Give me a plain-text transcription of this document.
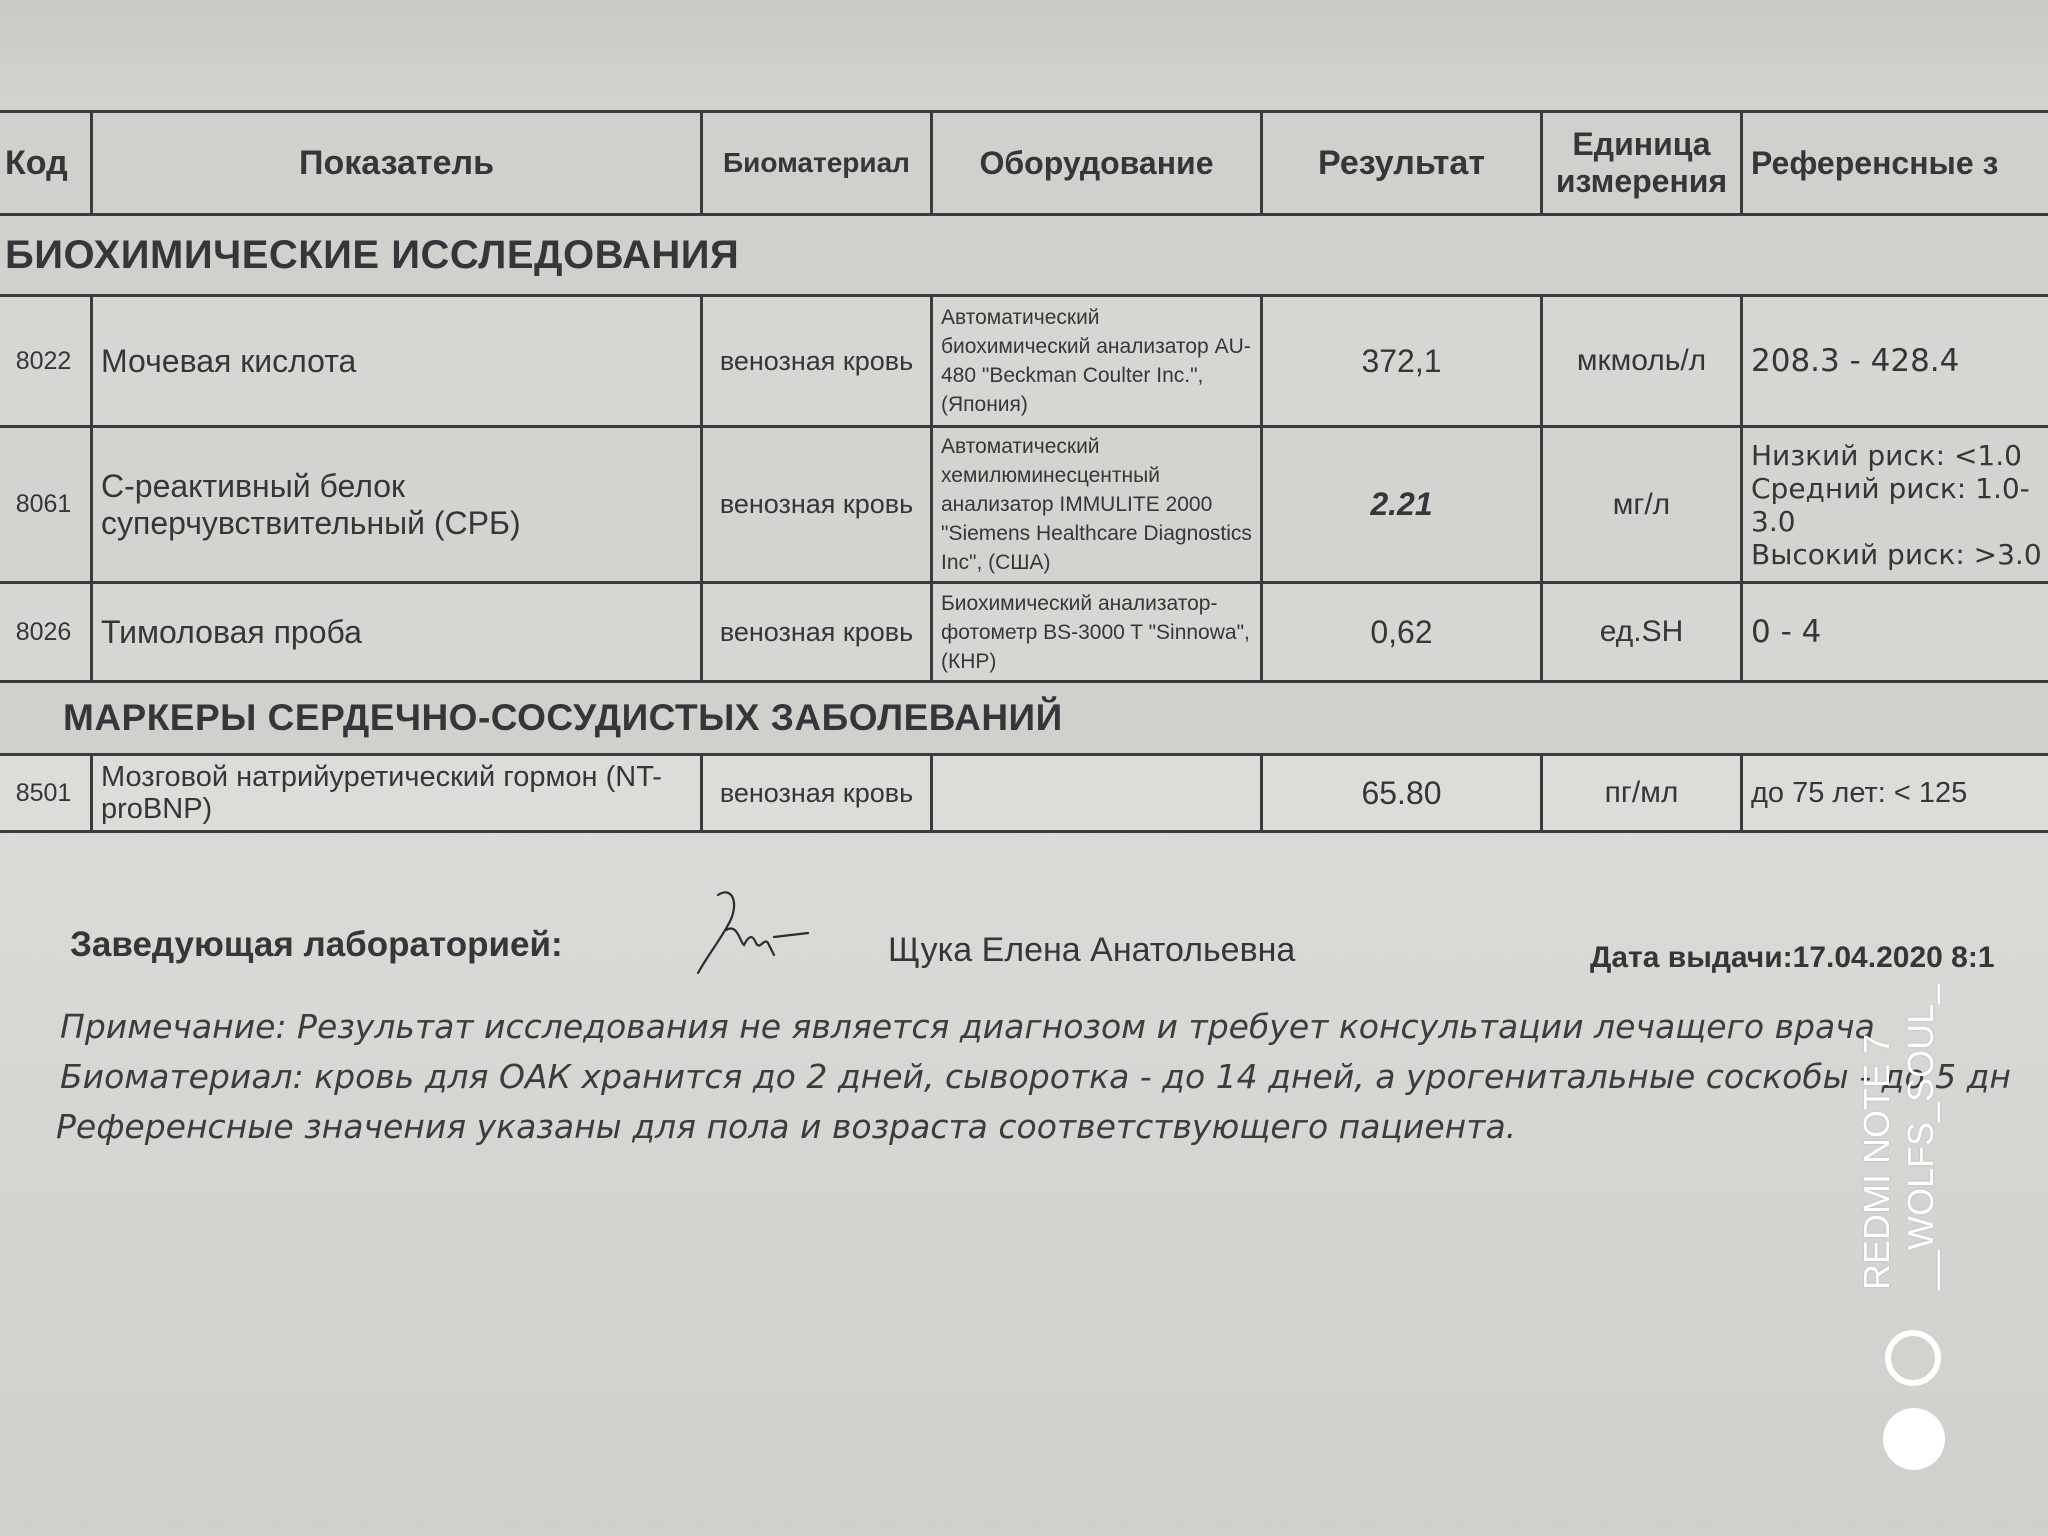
Код	Показатель	Биоматериал	Оборудование	Результат	Единица измерения	Референсные з
БИОХИМИЧЕСКИЕ ИССЛЕДОВАНИЯ						
8022	Мочевая кислота	венозная кровь	Автоматический биохимический анализатор AU- 480 "Beckman Coulter Inc.", (Япония)	372,1	мкмоль/л	208.3 - 428.4

8061	С-реактивный белок суперчувствительный (СРБ)	венозная кровь	Автоматический хемилюминесцентный анализатор IMMULITE 2000 "Siemens Healthcare Diagnostics Inc", (США)	2.21	мг/л	Низкий риск: <1.0
Средний риск: 1.0-3.0
Высокий риск: >3.0

8026	Тимоловая проба	венозная кровь	Биохимический анализатор-фотометр BS-3000 T "Sinnowa", (КНР)	0,62	ед.SH	0 - 4

МАРКЕРЫ СЕРДЕЧНО-СОСУДИСТЫХ ЗАБОЛЕВАНИЙ						
8501	Мозговой натрийуретический гормон (NT-proBNP)	венозная кровь		65.80	пг/мл	до 75 лет: < 125
Заведующая лабораторией:	Щука Елена Анатольевна	Дата выдачи:17.04.2020 8:1
Примечание: Результат исследования не является диагнозом и требует консультации лечащего врача
Биоматериал: кровь для ОАК хранится до 2 дней, сыворотка - до 14 дней, а урогенитальные соскобы - до 5 дн
Референсные значения указаны для пола и возраста соответствующего пациента.	REDMI NOTE 7 __WOLFS_SOUL_
